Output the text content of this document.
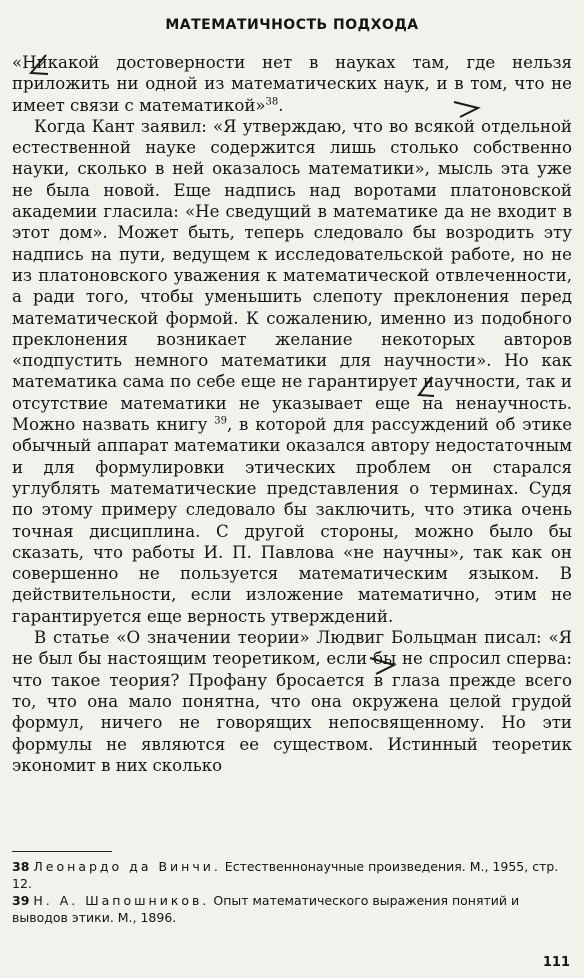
МАТЕМАТИЧНОСТЬ ПОДХОДА

«Никакой достоверности нет в науках там, где нельзя приложить ни одной из математических наук, и в том, что не имеет связи с математикой»$^{38}$.

Когда Кант заявил: «Я утверждаю, что во всякой отдельной естественной науке содержится лишь столько собственно науки, сколько в ней оказалось математики», мысль эта уже не была новой. Еще надпись над воротами платоновской академии гласила: «Не сведущий в математике да не входит в этот дом». Может быть, теперь следовало бы возродить эту надпись на пути, ведущем к исследовательской работе, но не из платоновского уважения к математической отвлеченности, а ради того, чтобы уменьшить слепоту преклонения перед математической формой. К сожалению, именно из подобного преклонения возникает желание некоторых авторов «подпустить немного математики для научности». Но как математика сама по себе еще не гарантирует научности, так и отсутствие математики не указывает еще на ненаучность. Можно назвать книгу $^{39}$, в которой для рассуждений об этике обычный аппарат математики оказался автору недостаточным и для формулировки этических проблем он старался углублять математические представления о терминах. Судя по этому примеру следовало бы заключить, что этика очень точная дисциплина. С другой стороны, можно было бы сказать, что работы И. П. Павлова «не научны», так как он совершенно не пользуется математическим языком. В действительности, если изложение математично, этим не гарантируется еще верность утверждений.

В статье «О значении теории» Людвиг Больцман писал: «Я не был бы настоящим теоретиком, если бы не спросил сперва: что такое теория? Профану бросается в глаза прежде всего то, что она мало понятна, что она окружена целой грудой формул, ничего не говорящих непосвященному. Но эти формулы не являются ее существом. Истинный теоретик экономит в них сколько

38 Леонардо да Винчи. Естественнонаучные произведения. М., 1955, стр. 12.

39 Н. А. Шапошников. Опыт математического выражения понятий и выводов этики. М., 1896.

111
